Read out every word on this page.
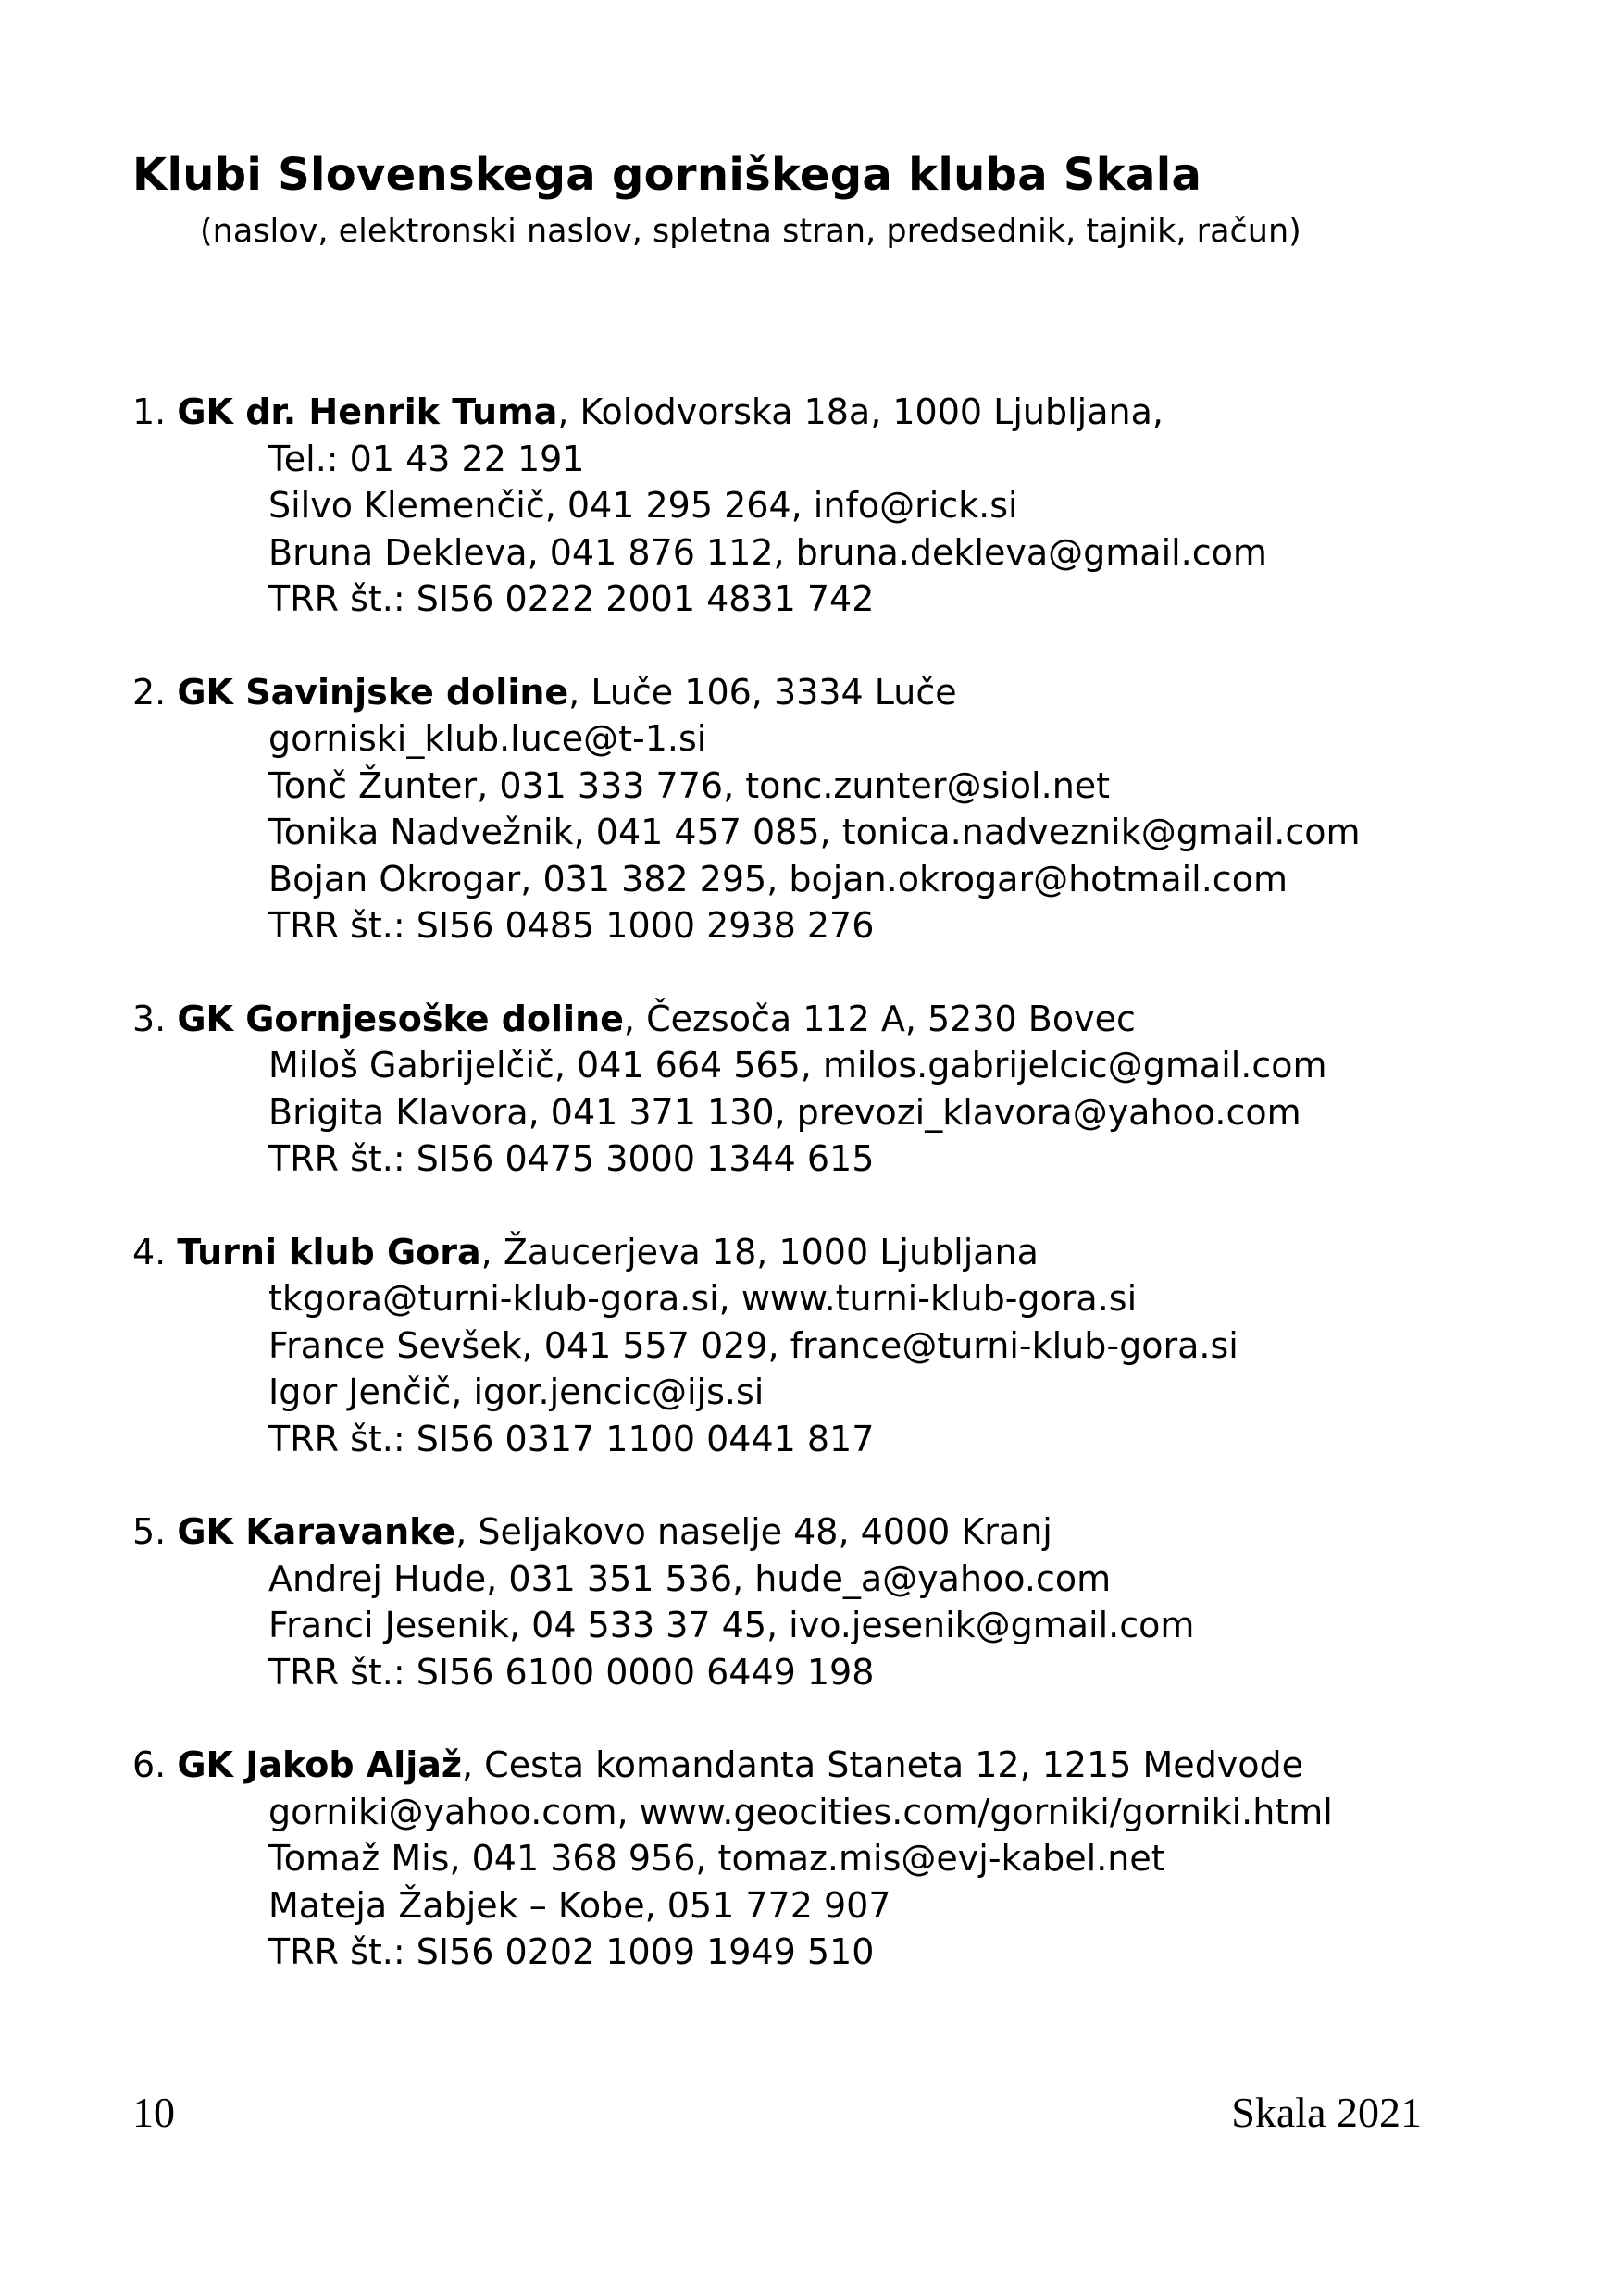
Klubi Slovenskega gorniškega kluba Skala
(naslov, elektronski naslov, spletna stran, predsednik, tajnik, račun)
1. GK dr. Henrik Tuma, Kolodvorska 18a, 1000 Ljubljana,
Tel.: 01 43 22 191
Silvo Klemenčič, 041 295 264, info@rick.si
Bruna Dekleva, 041 876 112, bruna.dekleva@gmail.com
TRR št.: SI56 0222 2001 4831 742
2. GK Savinjske doline, Luče 106, 3334 Luče
gorniski_klub.luce@t-1.si
Tonč Žunter, 031 333 776, tonc.zunter@siol.net
Tonika Nadvežnik, 041 457 085, tonica.nadveznik@gmail.com
Bojan Okrogar, 031 382 295, bojan.okrogar@hotmail.com
TRR št.: SI56 0485 1000 2938 276
3. GK Gornjesoške doline, Čezsoča 112 A, 5230 Bovec
Miloš Gabrijelčič, 041 664 565, milos.gabrijelcic@gmail.com
Brigita Klavora, 041 371 130, prevozi_klavora@yahoo.com
TRR št.: SI56 0475 3000 1344 615
4. Turni klub Gora, Žaucerjeva 18, 1000 Ljubljana
tkgora@turni-klub-gora.si, www.turni-klub-gora.si
France Sevšek, 041 557 029, france@turni-klub-gora.si
Igor Jenčič, igor.jencic@ijs.si
TRR št.: SI56 0317 1100 0441 817
5. GK Karavanke, Seljakovo naselje 48, 4000 Kranj
Andrej Hude, 031 351 536, hude_a@yahoo.com
Franci Jesenik, 04 533 37 45, ivo.jesenik@gmail.com
TRR št.: SI56 6100 0000 6449 198
6. GK Jakob Aljaž, Cesta komandanta Staneta 12, 1215 Medvode
gorniki@yahoo.com, www.geocities.com/gorniki/gorniki.html
Tomaž Mis, 041 368 956, tomaz.mis@evj-kabel.net
Mateja Žabjek – Kobe, 051 772 907
TRR št.: SI56 0202 1009 1949 510
10	Skala 2021
